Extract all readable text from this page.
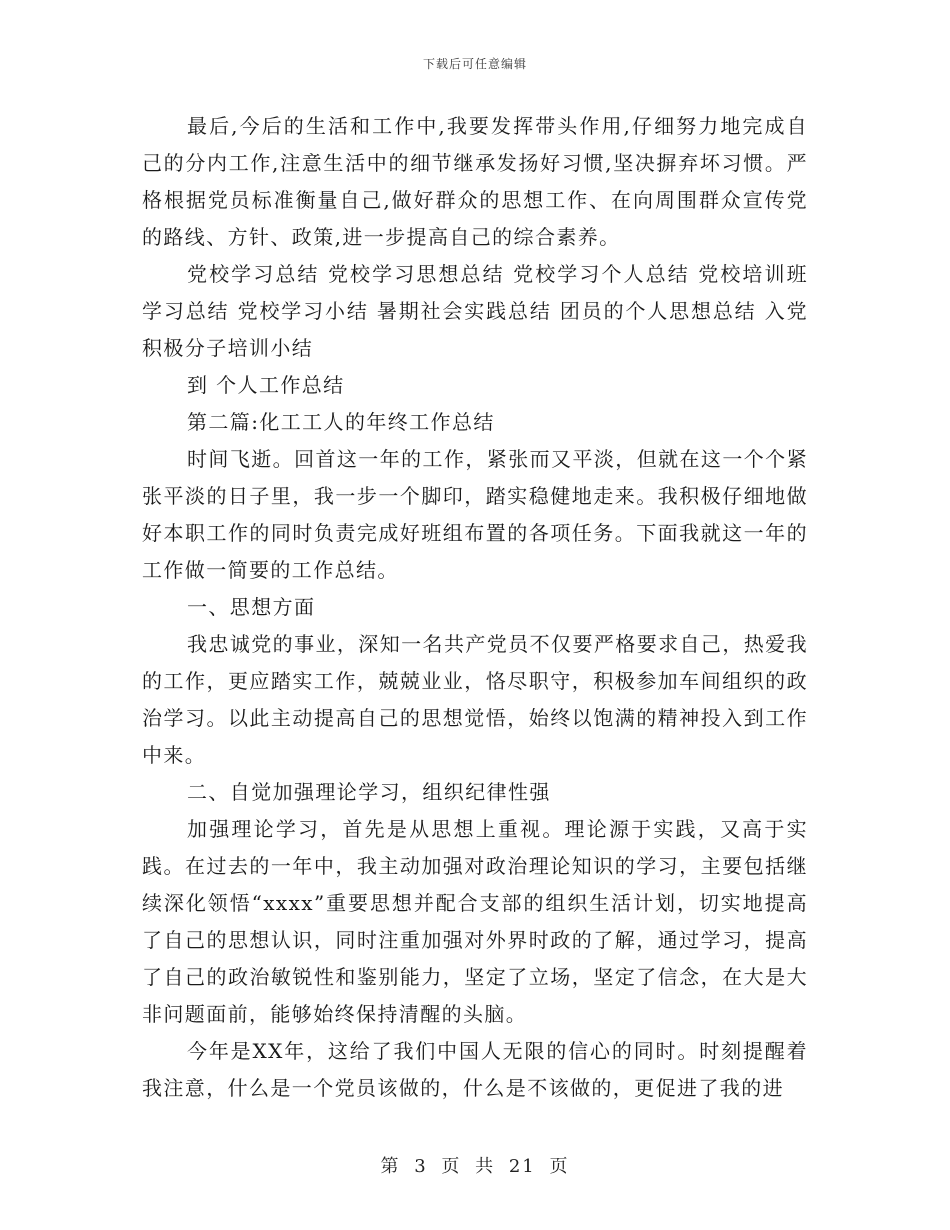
下载后可任意编辑

最后,今后的生活和工作中,我要发挥带头作用,仔细努力地完成自己的分内工作,注意生活中的细节继承发扬好习惯,坚决摒弃坏习惯。严格根据党员标准衡量自己,做好群众的思想工作、在向周围群众宣传党的路线、方针、政策,进一步提高自己的综合素养。

党校学习总结 党校学习思想总结 党校学习个人总结 党校培训班学习总结 党校学习小结 暑期社会实践总结 团员的个人思想总结 入党积极分子培训小结

到 个人工作总结

第二篇:化工工人的年终工作总结

时间飞逝。回首这一年的工作，紧张而又平淡，但就在这一个个紧张平淡的日子里，我一步一个脚印，踏实稳健地走来。我积极仔细地做好本职工作的同时负责完成好班组布置的各项任务。下面我就这一年的工作做一简要的工作总结。

一、思想方面

我忠诚党的事业，深知一名共产党员不仅要严格要求自己，热爱我的工作，更应踏实工作，兢兢业业，恪尽职守，积极参加车间组织的政治学习。以此主动提高自己的思想觉悟，始终以饱满的精神投入到工作中来。

二、自觉加强理论学习，组织纪律性强

加强理论学习，首先是从思想上重视。理论源于实践，又高于实践。在过去的一年中，我主动加强对政治理论知识的学习，主要包括继续深化领悟“xxxx”重要思想并配合支部的组织生活计划，切实地提高了自己的思想认识，同时注重加强对外界时政的了解，通过学习，提高了自己的政治敏锐性和鉴别能力，坚定了立场，坚定了信念，在大是大非问题面前，能够始终保持清醒的头脑。

今年是XX年，这给了我们中国人无限的信心的同时。时刻提醒着我注意，什么是一个党员该做的，什么是不该做的，更促进了我的进

第 3 页 共 21 页
